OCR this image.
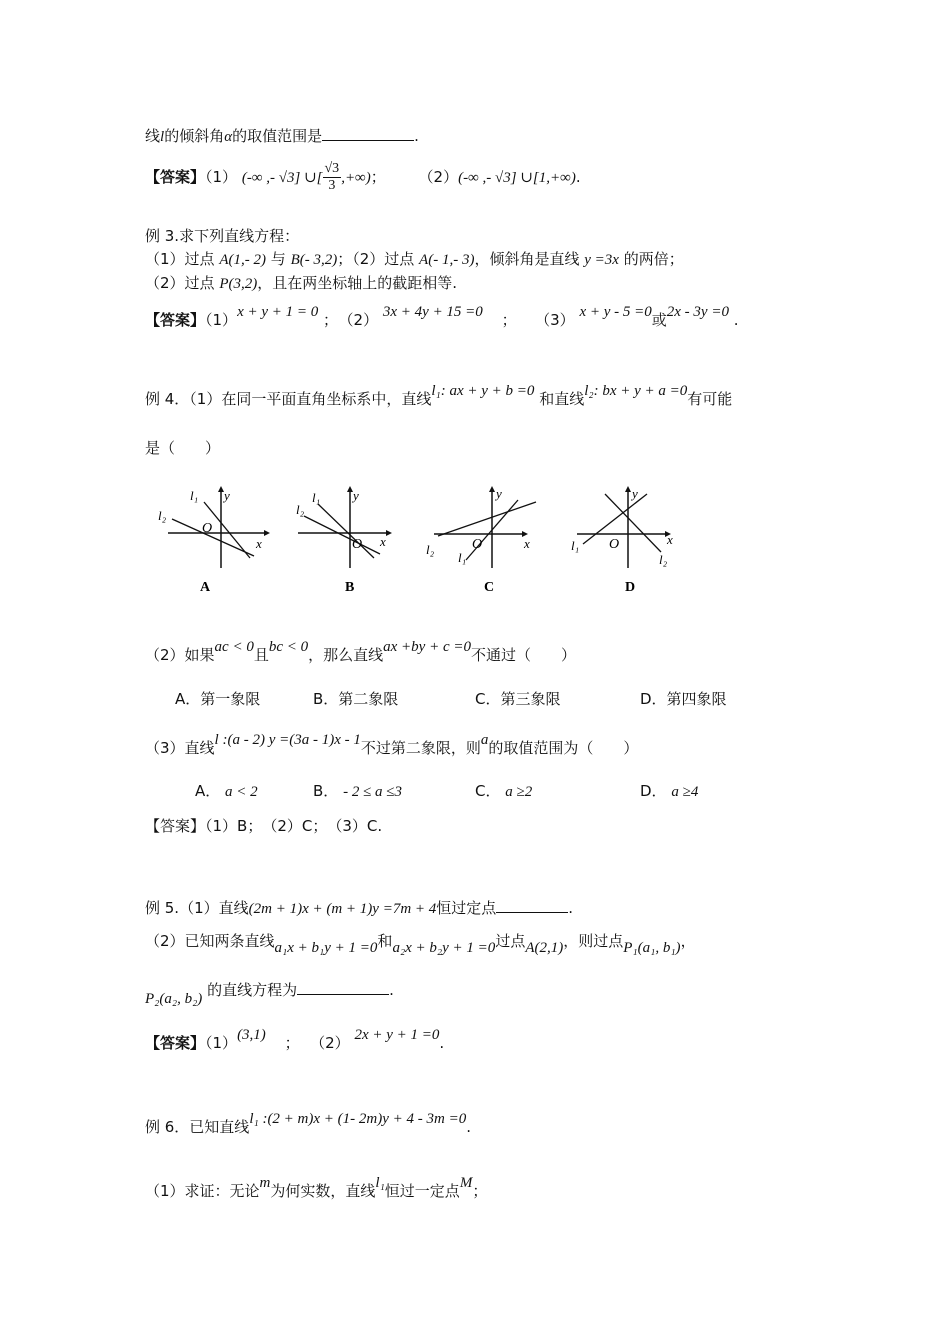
线l的倾斜角α的取值范围是	.
【答案】（1） (-∞ ,- √3] ∪[ $\frac{√3}{3}$ ,+∞)； （2）(-∞ ,- √3] ∪[1,+∞).
例 3.求下列直线方程：
（1）过点 A(1,- 2) 与 B(- 3,2)；（2）过点 A(- 1,- 3)，倾斜角是直线 y =3x 的两倍；
（2）过点 P(3,2)，且在两坐标轴上的截距相等.
【答案】（1）x + y + 1 = 0 ； （2） 3x + 4y + 15 =0 ； （3） x + y - 5 =0或2x - 3y =0 .
例 4．（1）在同一平面直角坐标系中，直线l₁: ax + y + b =0 和直线l₂: bx + y + a =0有可能
是（　　）
l₁ y
l₂
O
x
A
l₁	y
l₂
O x
B
y
O	x
l₂
l₁
C
y
O	x
l₁
l₂
D
（2）如果ac < 0且bc < 0，那么直线ax +by + c =0不通过（　　）
A．第一象限	B．第二象限	C．第三象限	D．第四象限
（3）直线l :(a - 2) y =(3a - 1)x - 1不过第二象限，则a的取值范围为（　　）
A． a < 2	B． - 2 ≤ a ≤3	C． a ≥2	D． a ≥4
【答案】（1）B；　（2）C；　（3）C.
例 5.（1）直线(2m + 1)x + (m + 1)y =7m + 4恒过定点	.
（2）已知两条直线a₁x + b₁y + 1 =0和a₂x + b₂y + 1 =0过点A(2,1)，则过点P₁(a₁, b₁)，
P₂(a₂, b₂) 的直线方程为	.
【答案】（1）(3,1) ； （2） 2x + y + 1 =0.
例 6．已知直线l₁ :(2 + m)x + (1- 2m)y + 4 - 3m =0.
（1）求证：无论m为何实数，直线l₁恒过一定点M；
